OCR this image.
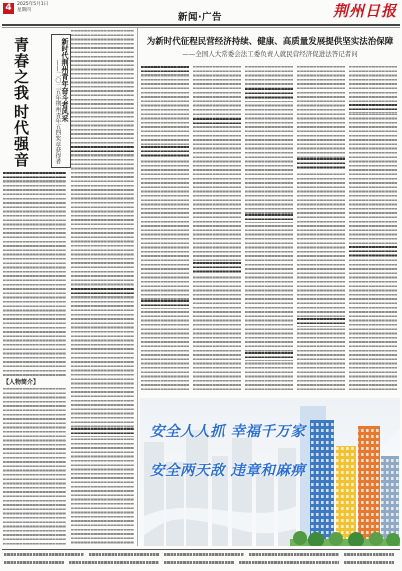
4	2025年5月1日
星期四
新闻·广告	荆州日报
青春之我
时代强音
新时代荆州青年奋斗者风采
——二〇二五年荆州青年五四奖章获得者
【人物简介】
为新时代征程民营经济持续、健康、高质量发展提供坚实法治保障
——全国人大常委会法工委负责人就民营经济促进法答记者问
安全人人抓 幸福千万家
安全两天敌 违章和麻痹
